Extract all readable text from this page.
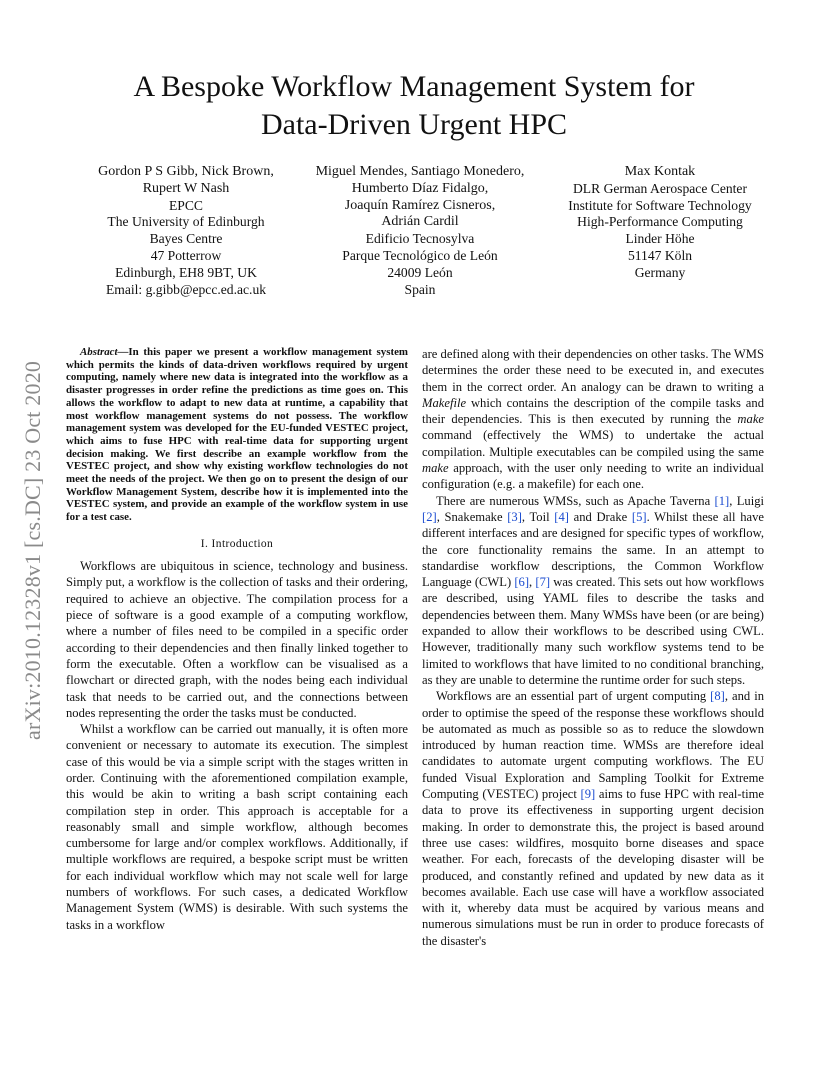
arXiv:2010.12328v1 [cs.DC] 23 Oct 2020
A Bespoke Workflow Management System for
Data-Driven Urgent HPC
Gordon P S Gibb, Nick Brown,
Rupert W Nash
EPCC
The University of Edinburgh
Bayes Centre
47 Potterrow
Edinburgh, EH8 9BT, UK
Email: g.gibb@epcc.ed.ac.uk
Miguel Mendes, Santiago Monedero,
Humberto Díaz Fidalgo,
Joaquín Ramírez Cisneros,
Adrián Cardil
Edificio Tecnosylva
Parque Tecnológico de León
24009 León
Spain
Max Kontak
DLR German Aerospace Center
Institute for Software Technology
High-Performance Computing
Linder Höhe
51147 Köln
Germany

Abstract—In this paper we present a workflow management system which permits the kinds of data-driven workflows required by urgent computing, namely where new data is integrated into the workflow as a disaster progresses in order refine the predictions as time goes on. This allows the workflow to adapt to new data at runtime, a capability that most workflow management systems do not possess. The workflow management system was developed for the EU-funded VESTEC project, which aims to fuse HPC with real-time data for supporting urgent decision making. We first describe an example workflow from the VESTEC project, and show why existing workflow technologies do not meet the needs of the project. We then go on to present the design of our Workflow Management System, describe how it is implemented into the VESTEC system, and provide an example of the workflow system in use for a test case.

I. Introduction

Workflows are ubiquitous in science, technology and business. Simply put, a workflow is the collection of tasks and their ordering, required to achieve an objective. The compilation process for a piece of software is a good example of a computing workflow, where a number of files need to be compiled in a specific order according to their dependencies and then finally linked together to form the executable. Often a workflow can be visualised as a flowchart or directed graph, with the nodes being each individual task that needs to be carried out, and the connections between nodes representing the order the tasks must be conducted.

Whilst a workflow can be carried out manually, it is often more convenient or necessary to automate its execution. The simplest case of this would be via a simple script with the stages written in order. Continuing with the aforementioned compilation example, this would be akin to writing a bash script containing each compilation step in order. This approach is acceptable for a reasonably small and simple workflow, although becomes cumbersome for large and/or complex workflows. Additionally, if multiple workflows are required, a bespoke script must be written for each individual workflow which may not scale well for large numbers of workflows. For such cases, a dedicated Workflow Management System (WMS) is desirable. With such systems the tasks in a workflow

are defined along with their dependencies on other tasks. The WMS determines the order these need to be executed in, and executes them in the correct order. An analogy can be drawn to writing a Makefile which contains the description of the compile tasks and their dependencies. This is then executed by running the make command (effectively the WMS) to undertake the actual compilation. Multiple executables can be compiled using the same make approach, with the user only needing to write an individual configuration (e.g. a makefile) for each one.

There are numerous WMSs, such as Apache Taverna [1], Luigi [2], Snakemake [3], Toil [4] and Drake [5]. Whilst these all have different interfaces and are designed for specific types of workflow, the core functionality remains the same. In an attempt to standardise workflow descriptions, the Common Workflow Language (CWL) [6], [7] was created. This sets out how workflows are described, using YAML files to describe the tasks and dependencies between them. Many WMSs have been (or are being) expanded to allow their workflows to be described using CWL. However, traditionally many such workflow systems tend to be limited to workflows that have limited to no conditional branching, as they are unable to determine the runtime order for such steps.

Workflows are an essential part of urgent computing [8], and in order to optimise the speed of the response these workflows should be automated as much as possible so as to reduce the slowdown introduced by human reaction time. WMSs are therefore ideal candidates to automate urgent computing workflows. The EU funded Visual Exploration and Sampling Toolkit for Extreme Computing (VESTEC) project [9] aims to fuse HPC with real-time data to prove its effectiveness in supporting urgent decision making. In order to demonstrate this, the project is based around three use cases: wildfires, mosquito borne diseases and space weather. For each, forecasts of the developing disaster will be produced, and constantly refined and updated by new data as it becomes available. Each use case will have a workflow associated with it, whereby data must be acquired by various means and numerous simulations must be run in order to produce forecasts of the disaster's
